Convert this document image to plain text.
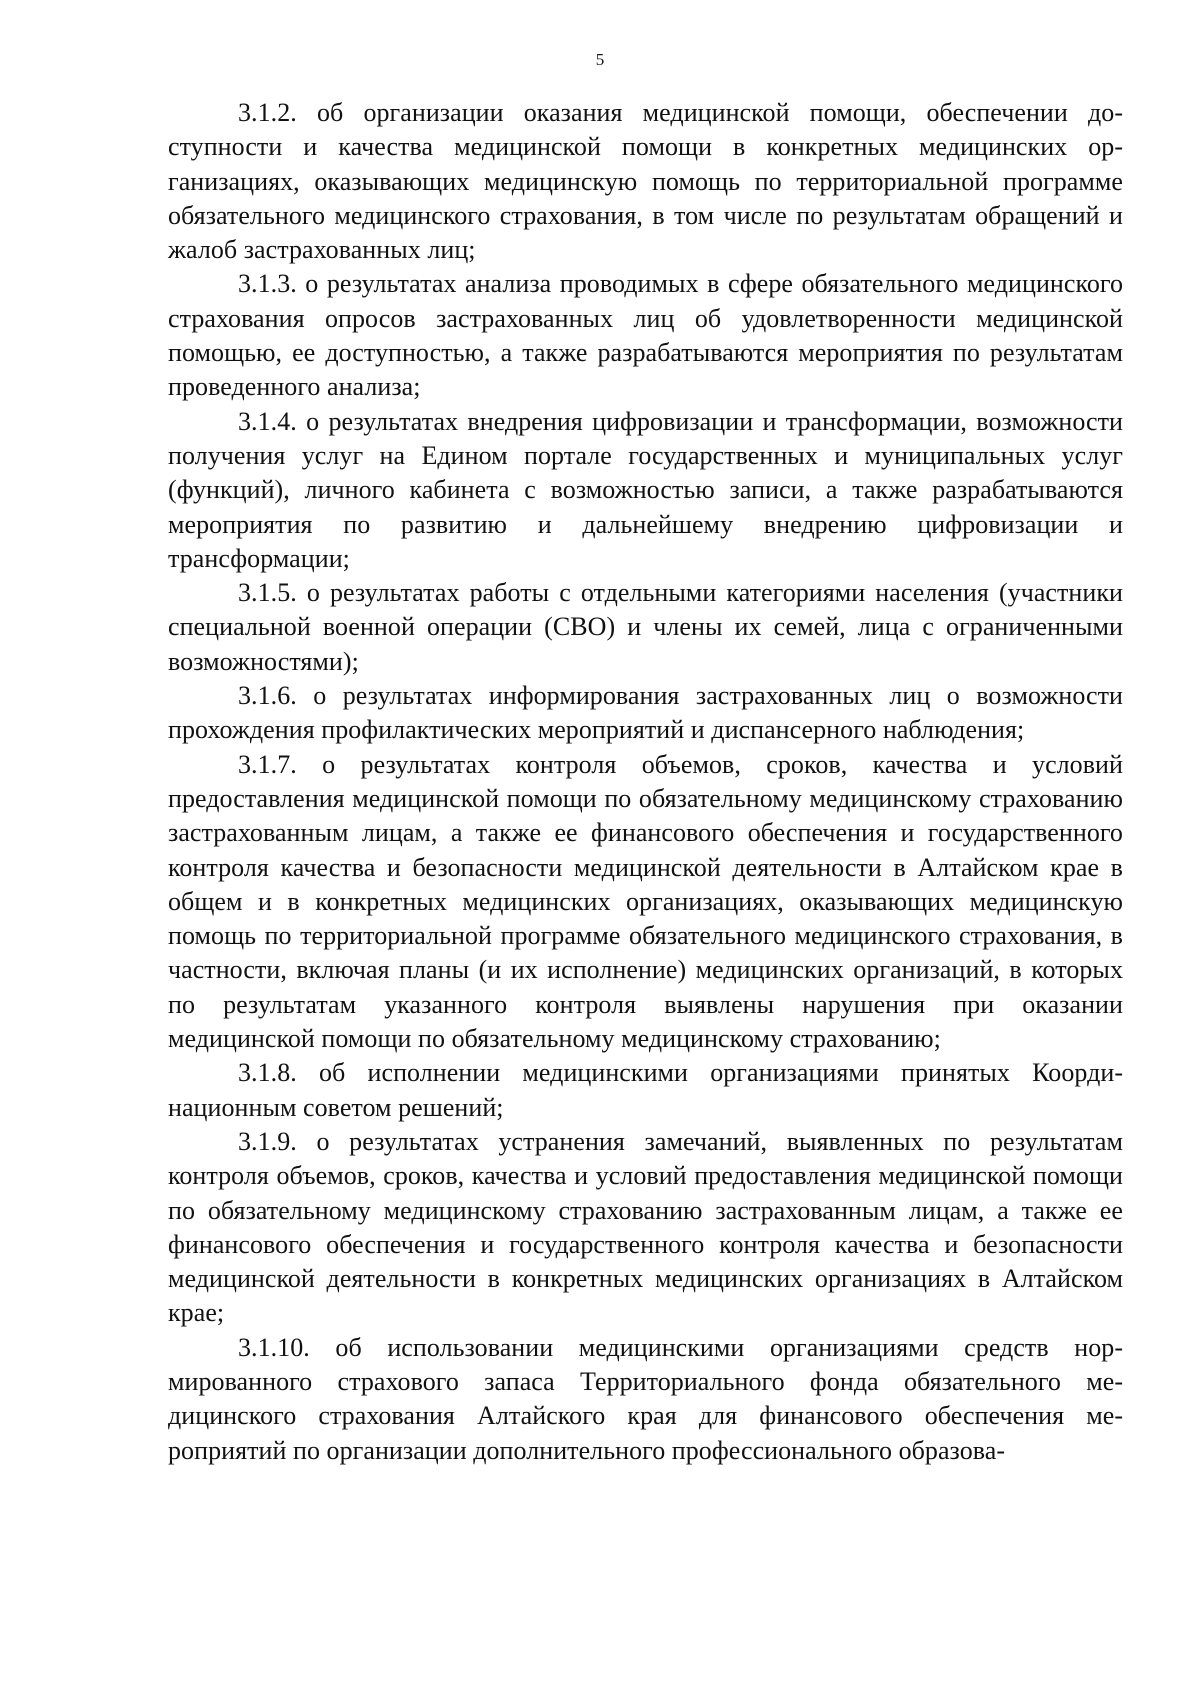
5

3.1.2. об организации оказания медицинской помощи, обеспечении доступности и качества медицинской помощи в конкретных медицинских организациях, оказывающих медицинскую помощь по территориальной программе обязательного медицинского страхования, в том числе по результатам обращений и жалоб застрахованных лиц;

3.1.3. о результатах анализа проводимых в сфере обязательного медицинского страхования опросов застрахованных лиц об удовлетворенности медицинской помощью, ее доступностью, а также разрабатываются мероприятия по результатам проведенного анализа;

3.1.4. о результатах внедрения цифровизации и трансформации, возможности получения услуг на Едином портале государственных и муниципальных услуг (функций), личного кабинета с возможностью записи, а также разрабатываются мероприятия по развитию и дальнейшему внедрению цифровизации и трансформации;

3.1.5. о результатах работы с отдельными категориями населения (участники специальной военной операции (СВО) и члены их семей, лица с ограниченными возможностями);

3.1.6. о результатах информирования застрахованных лиц о возможности прохождения профилактических мероприятий и диспансерного наблюдения;

3.1.7. о результатах контроля объемов, сроков, качества и условий предоставления медицинской помощи по обязательному медицинскому страхованию застрахованным лицам, а также ее финансового обеспечения и государственного контроля качества и безопасности медицинской деятельности в Алтайском крае в общем и в конкретных медицинских организациях, оказывающих медицинскую помощь по территориальной программе обязательного медицинского страхования, в частности, включая планы (и их исполнение) медицинских организаций, в которых по результатам указанного контроля выявлены нарушения при оказании медицинской помощи по обязательному медицинскому страхованию;

3.1.8. об исполнении медицинскими организациями принятых Координационным советом решений;

3.1.9. о результатах устранения замечаний, выявленных по результатам контроля объемов, сроков, качества и условий предоставления медицинской помощи по обязательному медицинскому страхованию застрахованным лицам, а также ее финансового обеспечения и государственного контроля качества и безопасности медицинской деятельности в конкретных медицинских организациях в Алтайском крае;

3.1.10. об использовании медицинскими организациями средств нормированного страхового запаса Территориального фонда обязательного медицинского страхования Алтайского края для финансового обеспечения мероприятий по организации дополнительного профессионального образова-
